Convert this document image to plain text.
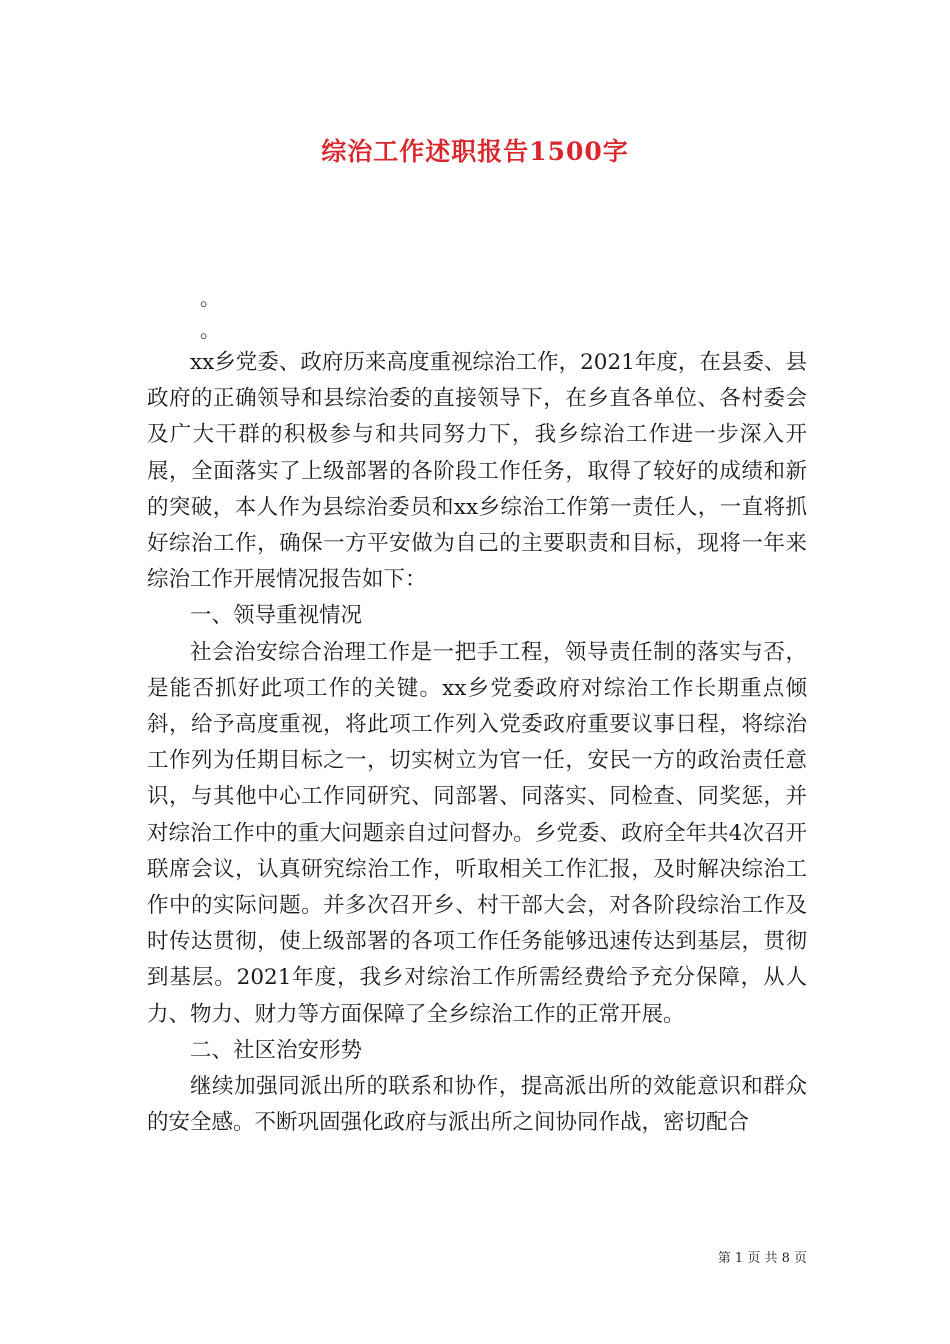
综治工作述职报告1500字
。
。

xx乡党委、政府历来高度重视综治工作，2021年度，在县委、县政府的正确领导和县综治委的直接领导下，在乡直各单位、各村委会及广大干群的积极参与和共同努力下，我乡综治工作进一步深入开展，全面落实了上级部署的各阶段工作任务，取得了较好的成绩和新的突破，本人作为县综治委员和xx乡综治工作第一责任人，一直将抓好综治工作，确保一方平安做为自己的主要职责和目标，现将一年来综治工作开展情况报告如下：

一、领导重视情况

社会治安综合治理工作是一把手工程，领导责任制的落实与否，是能否抓好此项工作的关键。xx乡党委政府对综治工作长期重点倾斜，给予高度重视，将此项工作列入党委政府重要议事日程，将综治工作列为任期目标之一，切实树立为官一任，安民一方的政治责任意识，与其他中心工作同研究、同部署、同落实、同检查、同奖惩，并对综治工作中的重大问题亲自过问督办。乡党委、政府全年共4次召开联席会议，认真研究综治工作，听取相关工作汇报，及时解决综治工作中的实际问题。并多次召开乡、村干部大会，对各阶段综治工作及时传达贯彻，使上级部署的各项工作任务能够迅速传达到基层，贯彻到基层。2021年度，我乡对综治工作所需经费给予充分保障，从人力、物力、财力等方面保障了全乡综治工作的正常开展。

二、社区治安形势

继续加强同派出所的联系和协作，提高派出所的效能意识和群众的安全感。不断巩固强化政府与派出所之间协同作战，密切配合

第 1 页 共 8 页
